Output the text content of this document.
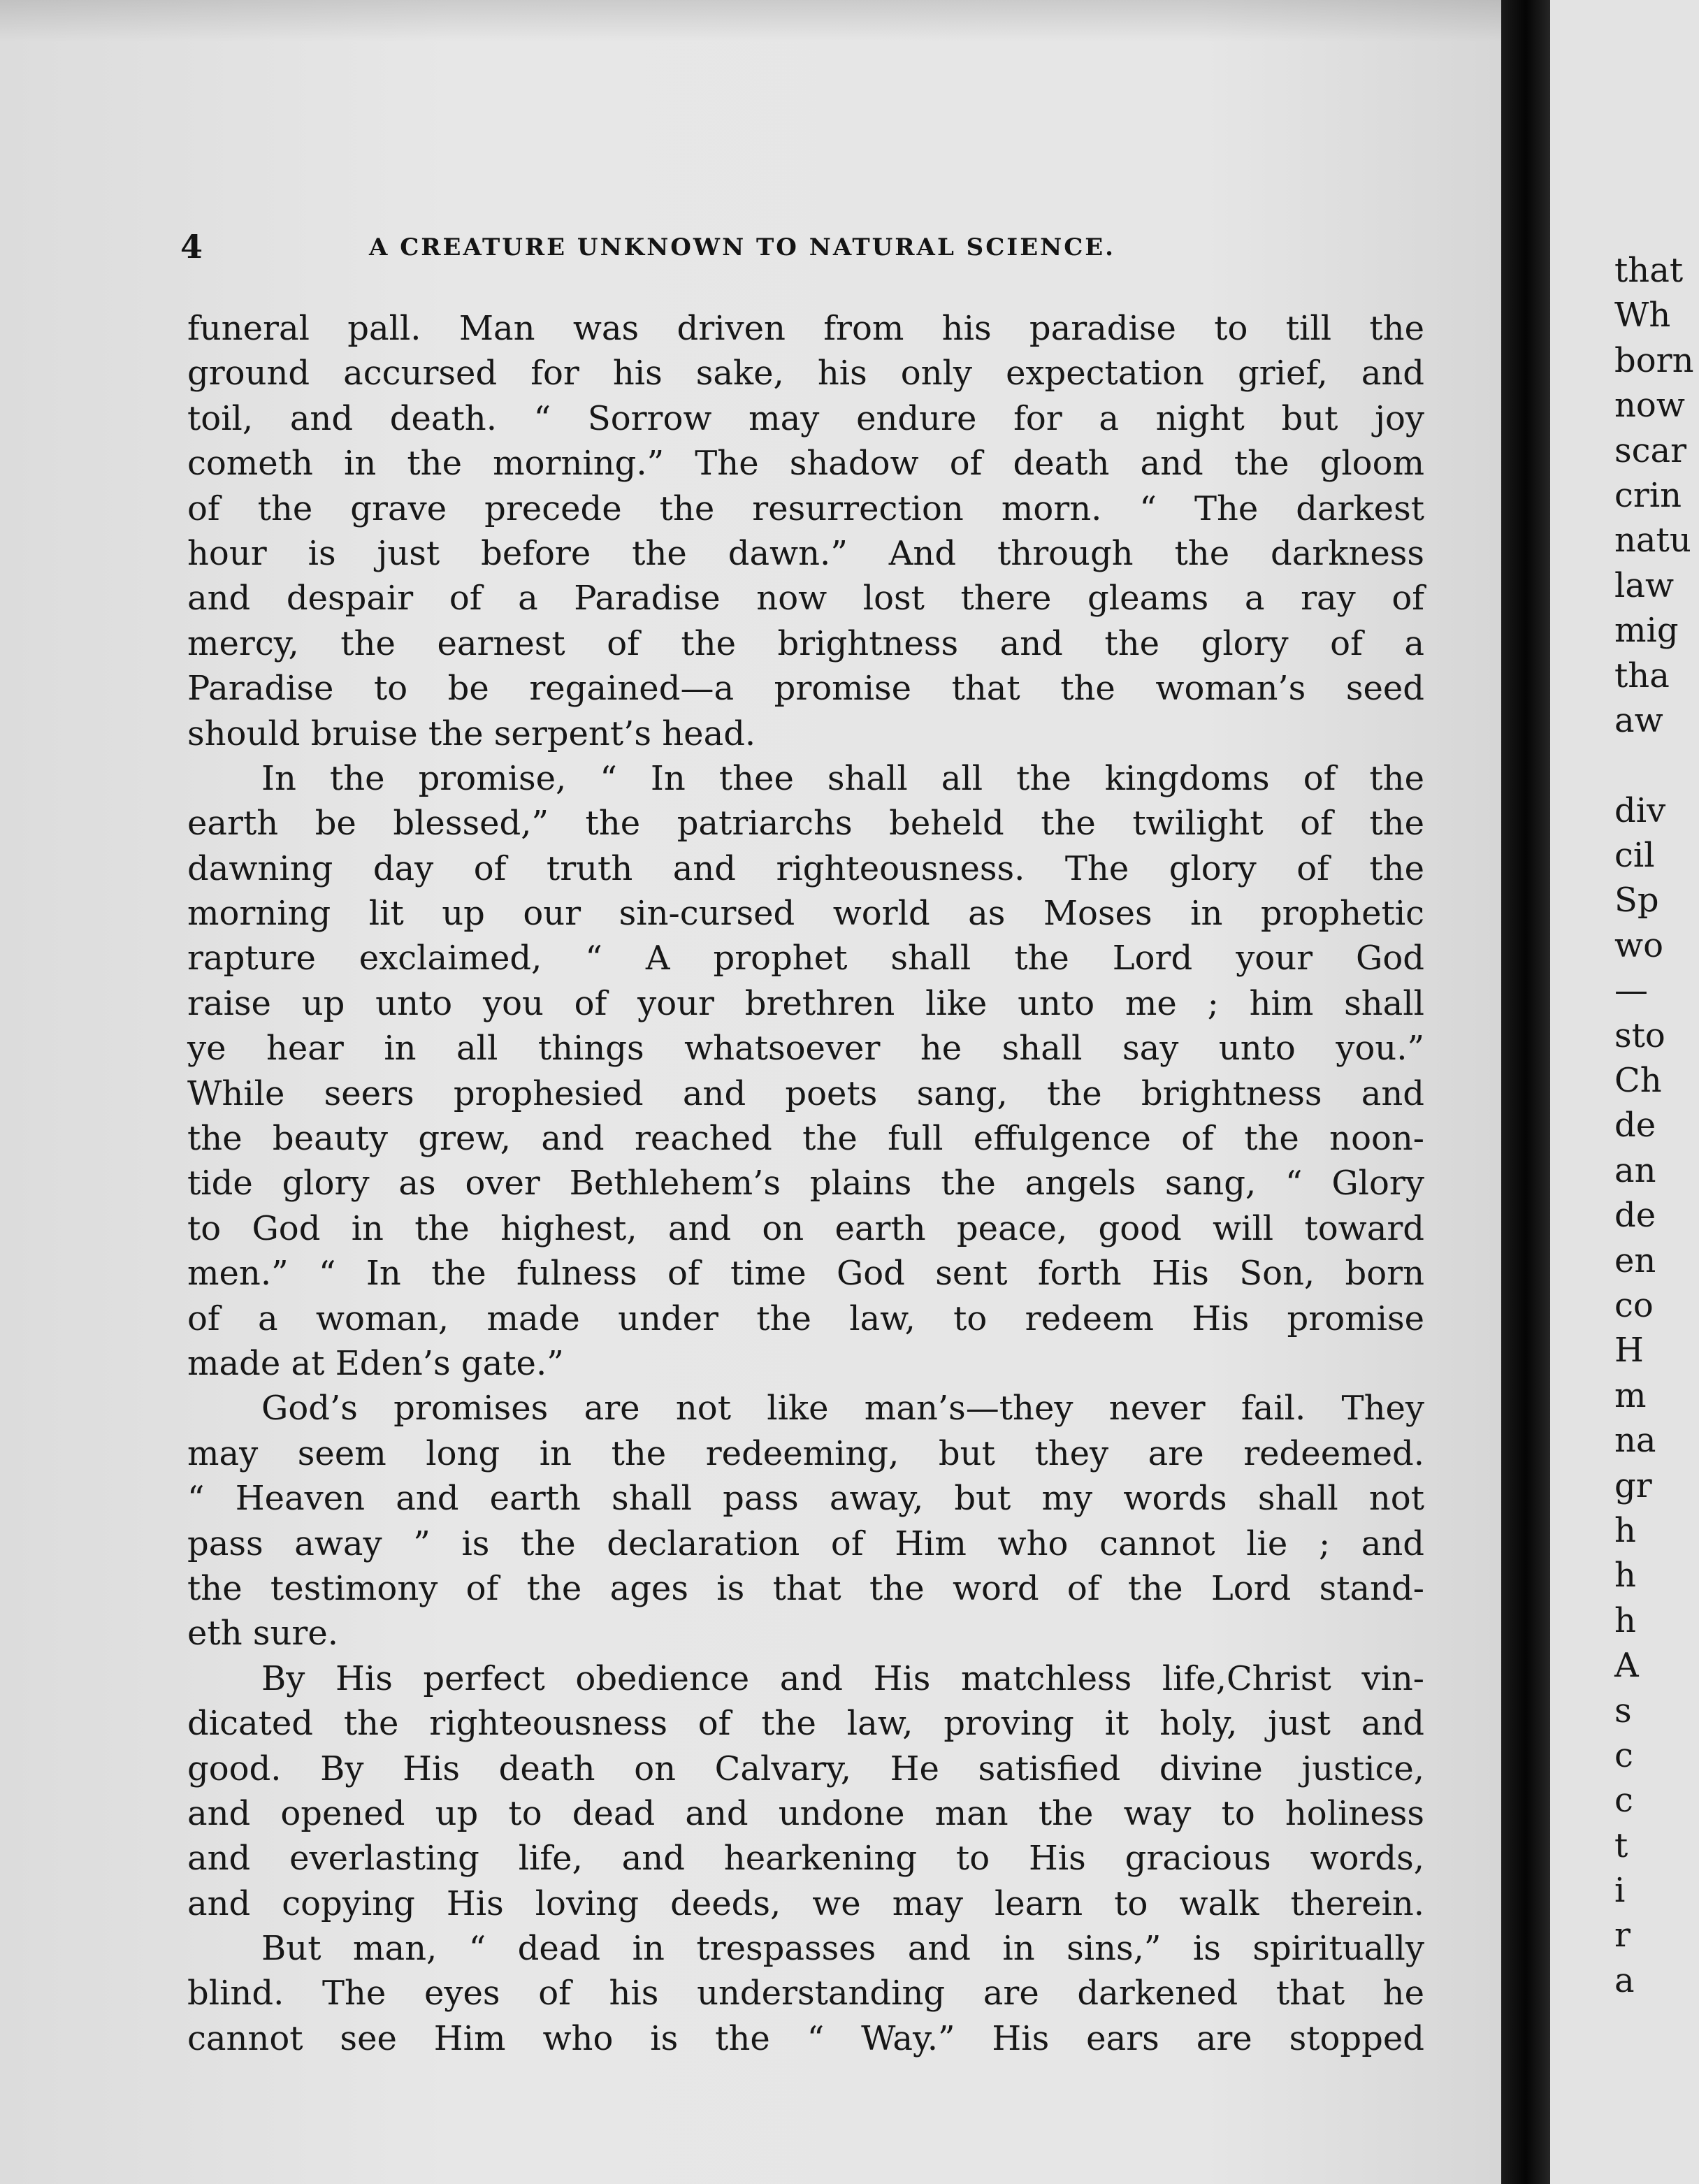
4	A CREATURE UNKNOWN TO NATURAL SCIENCE.
funeral pall. Man was driven from his paradise to till the
ground accursed for his sake, his only expectation grief, and
toil, and death. “ Sorrow may endure for a night but joy
cometh in the morning.” The shadow of death and the gloom
of the grave precede the resurrection morn. “ The darkest
hour is just before the dawn.” And through the darkness
and despair of a Paradise now lost there gleams a ray of
mercy, the earnest of the brightness and the glory of a
Paradise to be regained—a promise that the woman’s seed
should bruise the serpent’s head.
In the promise, “ In thee shall all the kingdoms of the
earth be blessed,” the patriarchs beheld the twilight of the
dawning day of truth and righteousness. The glory of the
morning lit up our sin-cursed world as Moses in prophetic
rapture exclaimed, “ A prophet shall the Lord your God
raise up unto you of your brethren like unto me ; him shall
ye hear in all things whatsoever he shall say unto you.”
While seers prophesied and poets sang, the brightness and
the beauty grew, and reached the full effulgence of the noon-
tide glory as over Bethlehem’s plains the angels sang, “ Glory
to God in the highest, and on earth peace, good will toward
men.” “ In the fulness of time God sent forth His Son, born
of a woman, made under the law, to redeem His promise
made at Eden’s gate.”
God’s promises are not like man’s—they never fail. They
may seem long in the redeeming, but they are redeemed.
“ Heaven and earth shall pass away, but my words shall not
pass away ” is the declaration of Him who cannot lie ; and
the testimony of the ages is that the word of the Lord stand-
eth sure.
By His perfect obedience and His matchless life,Christ vin-
dicated the righteousness of the law, proving it holy, just and
good. By His death on Calvary, He satisfied divine justice,
and opened up to dead and undone man the way to holiness
and everlasting life, and hearkening to His gracious words,
and copying His loving deeds, we may learn to walk therein.
But man, “ dead in trespasses and in sins,” is spiritually
blind. The eyes of his understanding are darkened that he
cannot see Him who is the “ Way.” His ears are stopped
that
Wh
born
now
scar
crin
natu
law
mig
tha
aw
div
cil
Sp
wo
—
sto
Ch
de
an
de
en
co
H
m
na
gr
h
h
h
A
s
c
c
t
i
r
a
